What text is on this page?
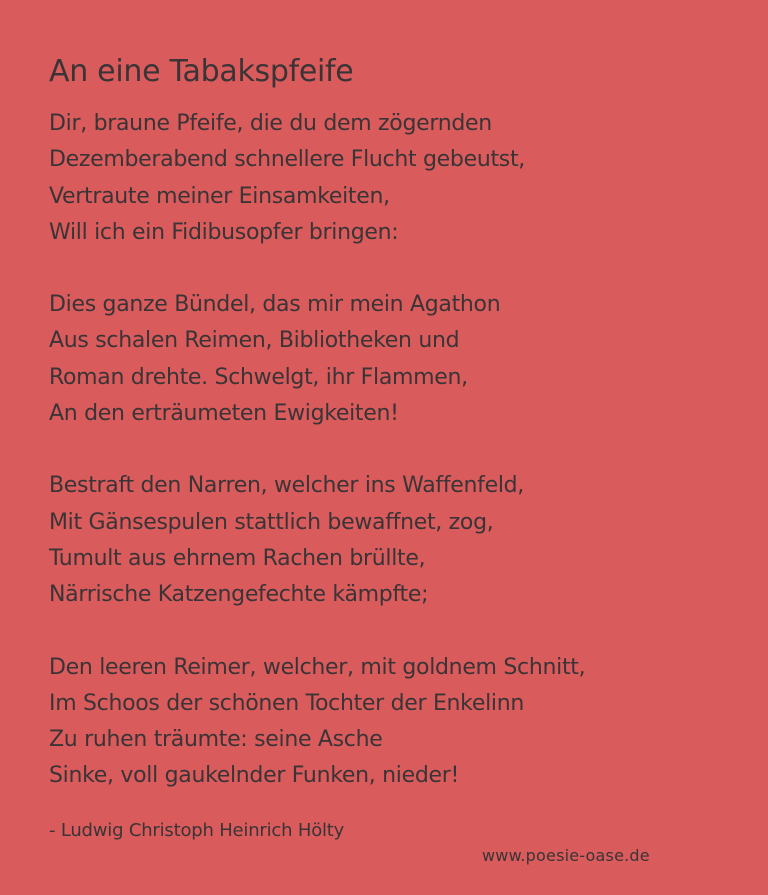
An eine Tabakspfeife
Dir, braune Pfeife, die du dem zögernden
Dezemberabend schnellere Flucht gebeutst,
Vertraute meiner Einsamkeiten,
Will ich ein Fidibusopfer bringen:
Dies ganze Bündel, das mir mein Agathon
Aus schalen Reimen, Bibliotheken und
Roman drehte. Schwelgt, ihr Flammen,
An den erträumeten Ewigkeiten!
Bestraft den Narren, welcher ins Waffenfeld,
Mit Gänsespulen stattlich bewaffnet, zog,
Tumult aus ehrnem Rachen brüllte,
Närrische Katzengefechte kämpfte;
Den leeren Reimer, welcher, mit goldnem Schnitt,
Im Schoos der schönen Tochter der Enkelinn
Zu ruhen träumte: seine Asche
Sinke, voll gaukelnder Funken, nieder!
- Ludwig Christoph Heinrich Hölty
www.poesie-oase.de
